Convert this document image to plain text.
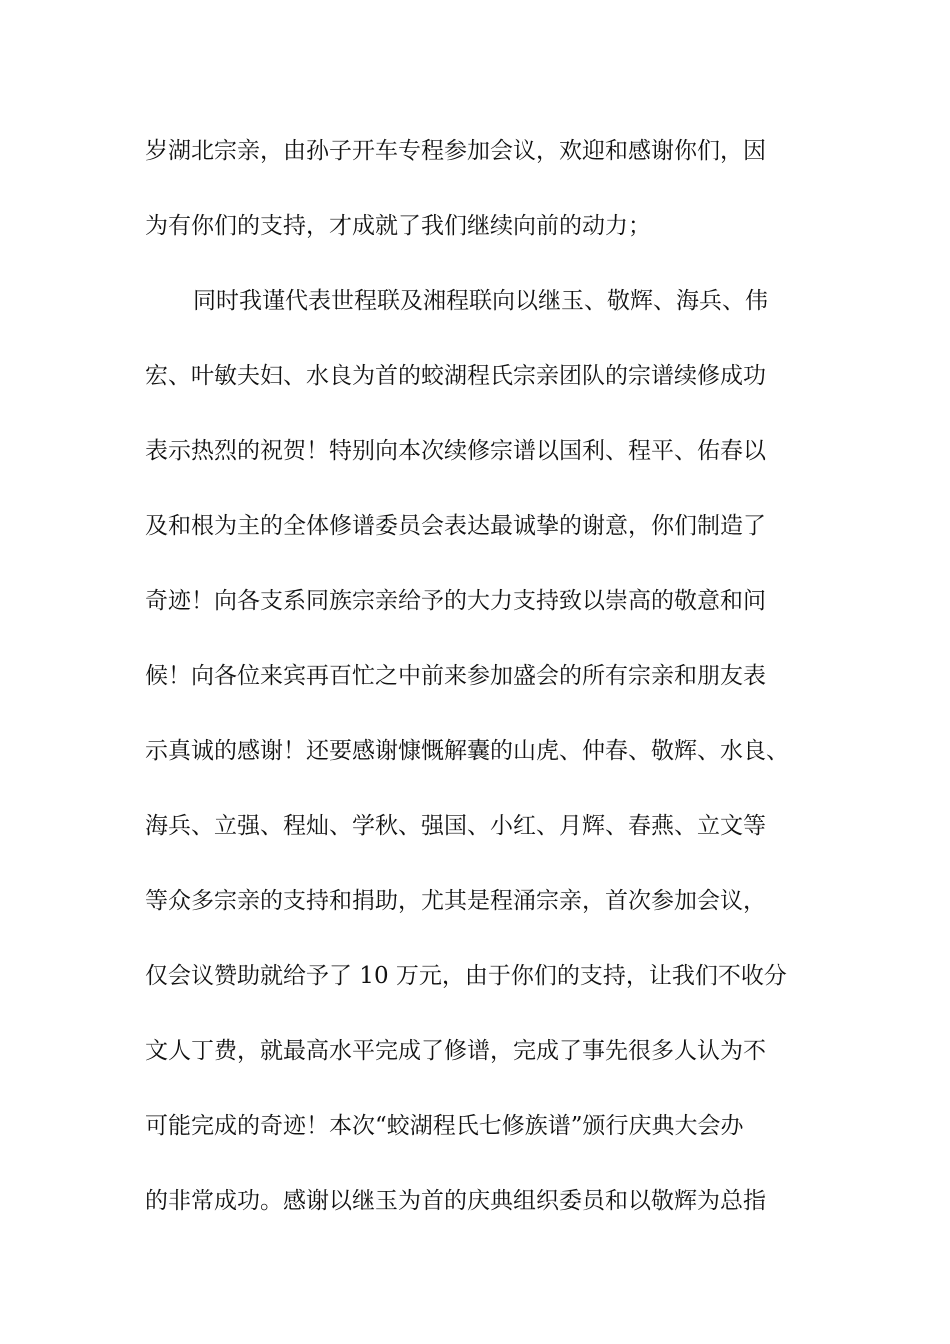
岁湖北宗亲，由孙子开车专程参加会议，欢迎和感谢你们，因
为有你们的支持，才成就了我们继续向前的动力；
同时我谨代表世程联及湘程联向以继玉、敬辉、海兵、伟
宏、叶敏夫妇、水良为首的蛟湖程氏宗亲团队的宗谱续修成功
表示热烈的祝贺！特别向本次续修宗谱以国利、程平、佑春以
及和根为主的全体修谱委员会表达最诚挚的谢意，你们制造了
奇迹！向各支系同族宗亲给予的大力支持致以崇高的敬意和问
候！向各位来宾再百忙之中前来参加盛会的所有宗亲和朋友表
示真诚的感谢！还要感谢慷慨解囊的山虎、仲春、敬辉、水良、
海兵、立强、程灿、学秋、强国、小红、月辉、春燕、立文等
等众多宗亲的支持和捐助，尤其是程涌宗亲，首次参加会议，
仅会议赞助就给予了 10 万元，由于你们的支持，让我们不收分
文人丁费，就最高水平完成了修谱，完成了事先很多人认为不
可能完成的奇迹！本次“蛟湖程氏七修族谱”颁行庆典大会办
的非常成功。感谢以继玉为首的庆典组织委员和以敬辉为总指
